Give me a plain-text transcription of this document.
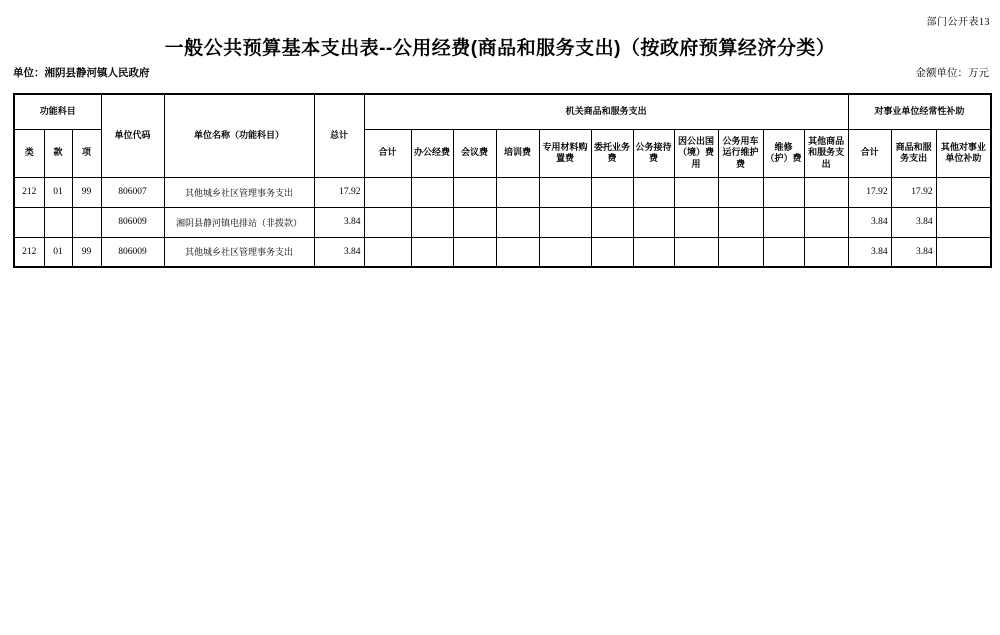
部门公开表13
一般公共预算基本支出表--公用经费(商品和服务支出)（按政府预算经济分类）
单位：湘阴县静河镇人民政府	金额单位：万元
功能科目			单位代码	单位名称（功能科目）	总计	机关商品和服务支出											对事业单位经常性补助		
类	款	项				合计	办公经费	会议费	培训费	专用材料购置费	委托业务费	公务接待费	因公出国（境）费用	公务用车运行维护费	维修（护）费	其他商品和服务支出	合计	商品和服务支出	其他对事业单位补助
212	01	99	806007	其他城乡社区管理事务支出	17.92												17.92	17.92	
			806009	湘阴县静河镇电排站（非拨款）	3.84												3.84	3.84	
212	01	99	806009	其他城乡社区管理事务支出	3.84												3.84	3.84	
